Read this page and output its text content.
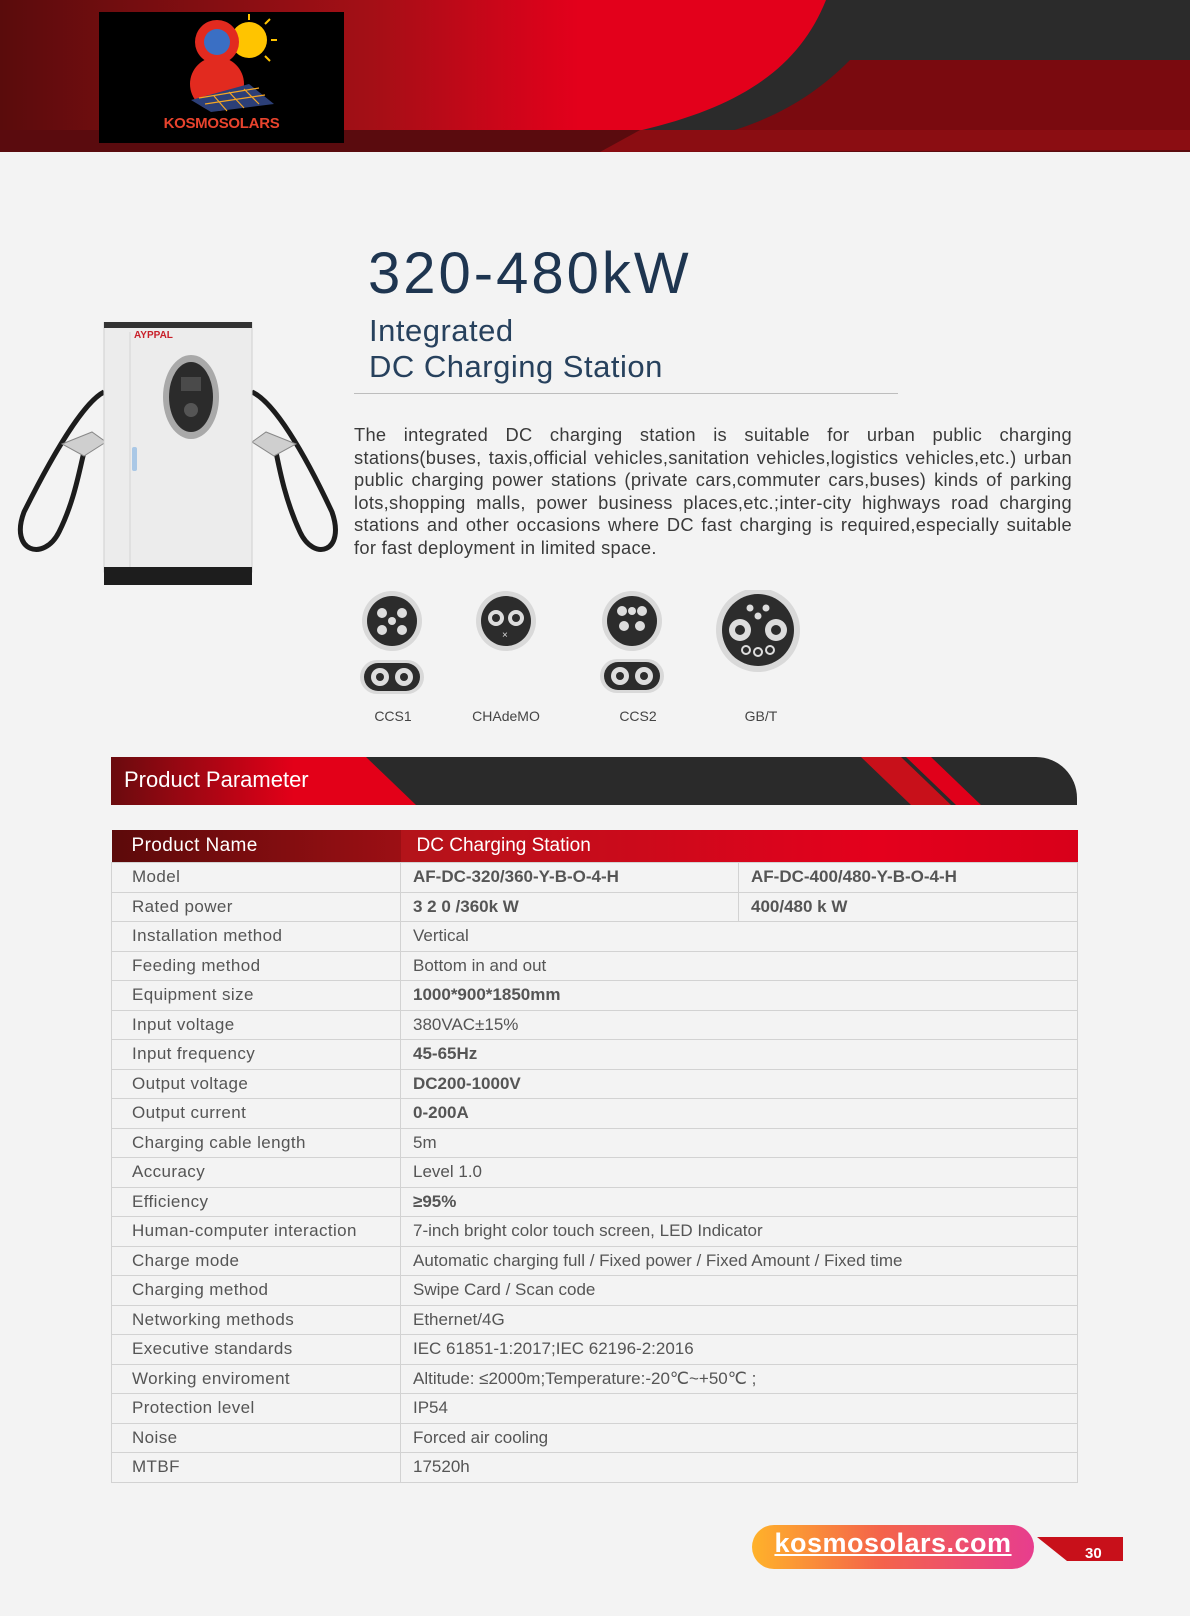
KOSMOSOLARS
320-480kW
Integrated
DC Charging Station
AYPPAL
The integrated DC charging station is suitable for urban public charging stations(buses, taxis,official vehicles,sanitation vehicles,logistics vehicles,etc.) urban public charging power stations (private cars,commuter cars,buses) kinds of parking lots,shopping malls, power business places,etc.;inter-city highways road charging stations and other occasions where DC fast charging is required,especially suitable for fast deployment in limited space.
×
CCS1	CHAdeMO	CCS2	GB/T
Product Parameter
Product Name	DC Charging Station	
Model	AF-DC-320/360-Y-B-O-4-H	AF-DC-400/480-Y-B-O-4-H
Rated power	3 2 0 /360k W	400/480 k W
Installation method	Vertical	
Feeding method	Bottom in and out	
Equipment size	1000*900*1850mm	
Input voltage	380VAC±15%	
Input frequency	45-65Hz	
Output voltage	DC200-1000V	
Output current	0-200A	
Charging cable length	5m	
Accuracy	Level 1.0	
Efficiency	≥95%	
Human-computer interaction	7-inch bright color touch screen, LED Indicator	
Charge mode	Automatic charging full / Fixed power / Fixed Amount / Fixed time	
Charging method	Swipe Card / Scan code	
Networking methods	Ethernet/4G	
Executive standards	IEC 61851-1:2017;IEC 62196-2:2016	
Working enviroment	Altitude: ≤2000m;Temperature:-20℃~+50℃ ;	
Protection level	IP54	
Noise	Forced air cooling	
MTBF	17520h	
kosmosolars.com	30
